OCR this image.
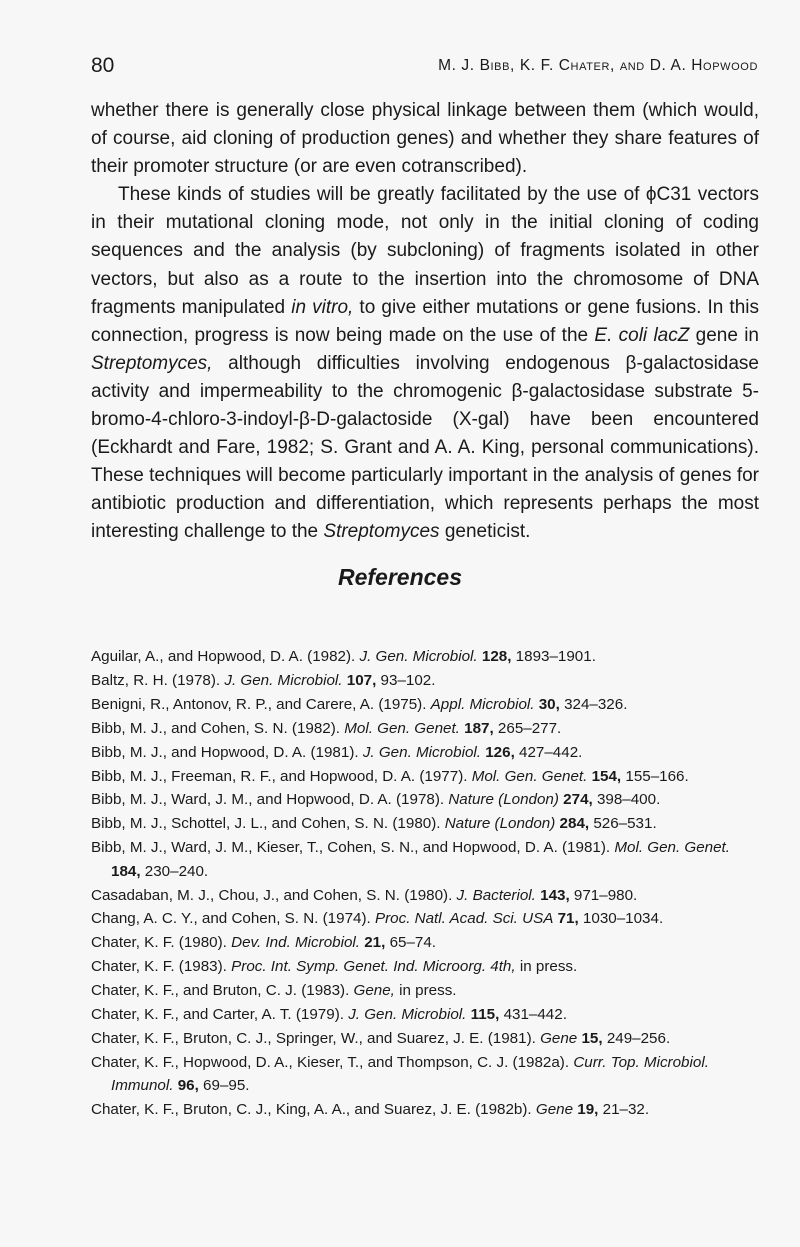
80	M. J. Bibb, K. F. Chater, and D. A. Hopwood

whether there is generally close physical linkage between them (which would, of course, aid cloning of production genes) and whether they share features of their promoter structure (or are even cotranscribed).

These kinds of studies will be greatly facilitated by the use of ϕC31 vectors in their mutational cloning mode, not only in the initial cloning of coding sequences and the analysis (by subcloning) of fragments isolated in other vectors, but also as a route to the insertion into the chromosome of DNA fragments manipulated in vitro, to give either mutations or gene fusions. In this connection, progress is now being made on the use of the E. coli lacZ gene in Streptomyces, although difficulties involving endogenous β-galactosidase activity and impermeability to the chromogenic β-galactosidase substrate 5-bromo-4-chloro-3-indoyl-β-D-galactoside (X-gal) have been encountered (Eckhardt and Fare, 1982; S. Grant and A. A. King, personal communications). These techniques will become particularly important in the analysis of genes for antibiotic production and differentiation, which represents perhaps the most interesting challenge to the Streptomyces geneticist.

References
Aguilar, A., and Hopwood, D. A. (1982). J. Gen. Microbiol. 128, 1893–1901.
Baltz, R. H. (1978). J. Gen. Microbiol. 107, 93–102.
Benigni, R., Antonov, R. P., and Carere, A. (1975). Appl. Microbiol. 30, 324–326.
Bibb, M. J., and Cohen, S. N. (1982). Mol. Gen. Genet. 187, 265–277.
Bibb, M. J., and Hopwood, D. A. (1981). J. Gen. Microbiol. 126, 427–442.
Bibb, M. J., Freeman, R. F., and Hopwood, D. A. (1977). Mol. Gen. Genet. 154, 155–166.
Bibb, M. J., Ward, J. M., and Hopwood, D. A. (1978). Nature (London) 274, 398–400.
Bibb, M. J., Schottel, J. L., and Cohen, S. N. (1980). Nature (London) 284, 526–531.
Bibb, M. J., Ward, J. M., Kieser, T., Cohen, S. N., and Hopwood, D. A. (1981). Mol. Gen. Genet. 184, 230–240.
Casadaban, M. J., Chou, J., and Cohen, S. N. (1980). J. Bacteriol. 143, 971–980.
Chang, A. C. Y., and Cohen, S. N. (1974). Proc. Natl. Acad. Sci. USA 71, 1030–1034.
Chater, K. F. (1980). Dev. Ind. Microbiol. 21, 65–74.
Chater, K. F. (1983). Proc. Int. Symp. Genet. Ind. Microorg. 4th, in press.
Chater, K. F., and Bruton, C. J. (1983). Gene, in press.
Chater, K. F., and Carter, A. T. (1979). J. Gen. Microbiol. 115, 431–442.
Chater, K. F., Bruton, C. J., Springer, W., and Suarez, J. E. (1981). Gene 15, 249–256.
Chater, K. F., Hopwood, D. A., Kieser, T., and Thompson, C. J. (1982a). Curr. Top. Microbiol. Immunol. 96, 69–95.
Chater, K. F., Bruton, C. J., King, A. A., and Suarez, J. E. (1982b). Gene 19, 21–32.
